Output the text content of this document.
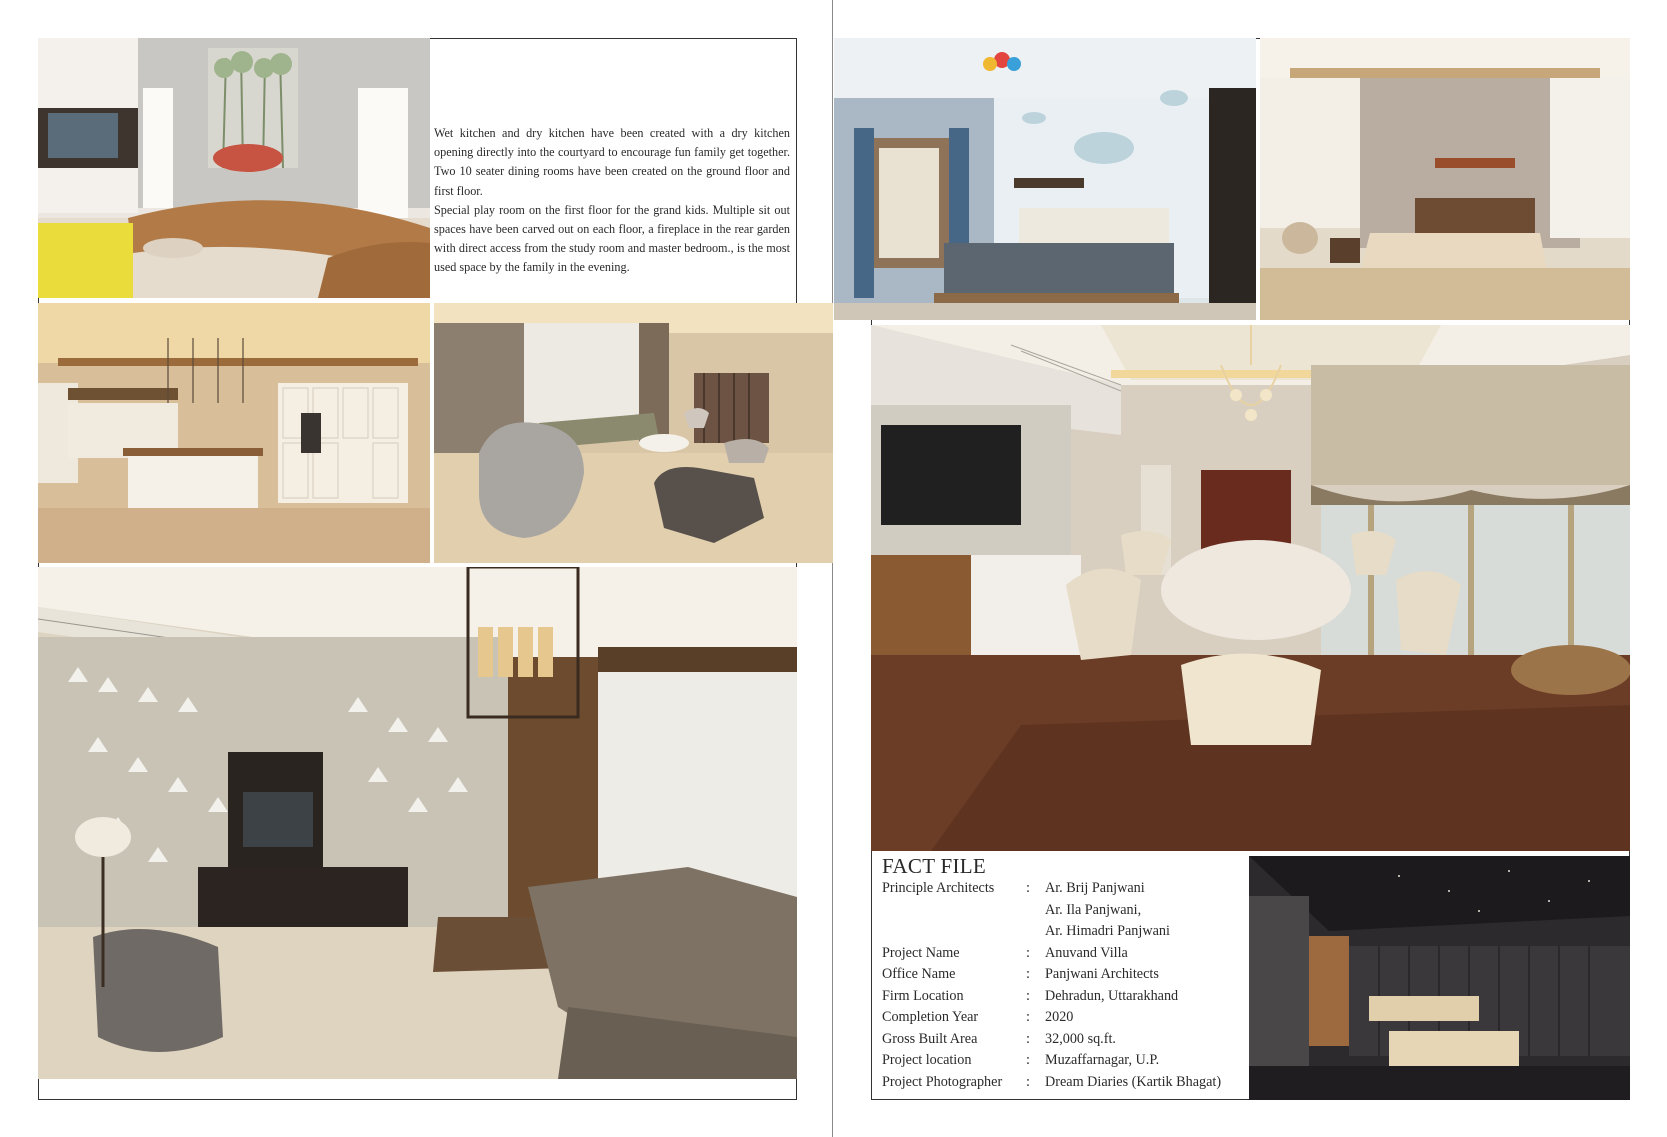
Wet kitchen and dry kitchen have been created with a dry kitchen opening directly into the courtyard to encourage fun family get together. Two 10 seater dining rooms have been created on the ground floor and first floor.

Special play room on the first floor for the grand kids. Multiple sit out spaces have been carved out on each floor, a fireplace in the rear garden with direct access from the study room and master bedroom., is the most used space by the family in the evening.

FACT FILE
Principle Architects	: Ar. Brij Panjwani
Ar. Ila Panjwani,
Ar. Himadri Panjwani
Project Name	: Anuvand Villa
Office Name	: Panjwani Architects
Firm Location	: Dehradun, Uttarakhand
Completion Year	: 2020
Gross Built Area	: 32,000 sq.ft.
Project location	: Muzaffarnagar, U.P.
Project Photographer	: Dream Diaries (Kartik Bhagat)
